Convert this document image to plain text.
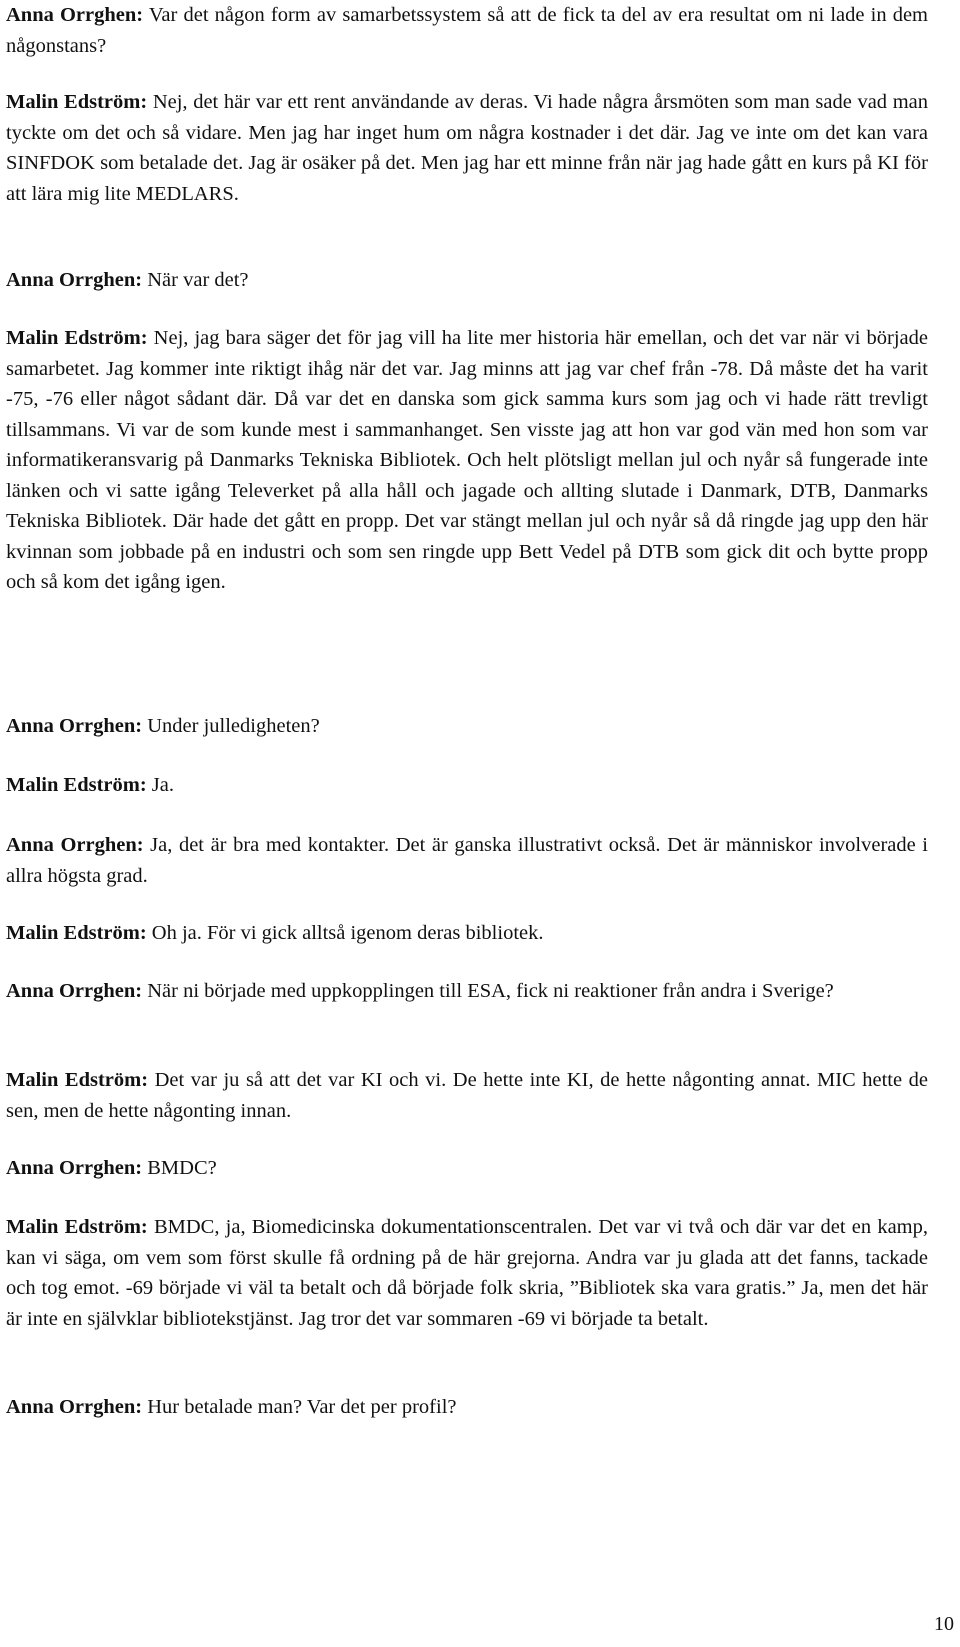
Anna Orrghen: Var det någon form av samarbetssystem så att de fick ta del av era resultat om ni lade in dem någonstans?

Malin Edström: Nej, det här var ett rent användande av deras. Vi hade några årsmöten som man sade vad man tyckte om det och så vidare. Men jag har inget hum om några kostnader i det där. Jag ve inte om det kan vara SINFDOK som betalade det. Jag är osäker på det. Men jag har ett minne från när jag hade gått en kurs på KI för att lära mig lite MEDLARS.

Anna Orrghen: När var det?

Malin Edström: Nej, jag bara säger det för jag vill ha lite mer historia här emellan, och det var när vi började samarbetet. Jag kommer inte riktigt ihåg när det var. Jag minns att jag var chef från -78. Då måste det ha varit -75, -76 eller något sådant där. Då var det en danska som gick samma kurs som jag och vi hade rätt trevligt tillsammans. Vi var de som kunde mest i sammanhanget. Sen visste jag att hon var god vän med hon som var informatikeransvarig på Danmarks Tekniska Bibliotek. Och helt plötsligt mellan jul och nyår så fungerade inte länken och vi satte igång Televerket på alla håll och jagade och allting slutade i Danmark, DTB, Danmarks Tekniska Bibliotek. Där hade det gått en propp. Det var stängt mellan jul och nyår så då ringde jag upp den här kvinnan som jobbade på en industri och som sen ringde upp Bett Vedel på DTB som gick dit och bytte propp och så kom det igång igen.

Anna Orrghen: Under julledigheten?

Malin Edström: Ja.

Anna Orrghen: Ja, det är bra med kontakter. Det är ganska illustrativt också. Det är människor involverade i allra högsta grad.

Malin Edström: Oh ja. För vi gick alltså igenom deras bibliotek.

Anna Orrghen: När ni började med uppkopplingen till ESA, fick ni reaktioner från andra i Sverige?

Malin Edström: Det var ju så att det var KI och vi. De hette inte KI, de hette någonting annat. MIC hette de sen, men de hette någonting innan.

Anna Orrghen: BMDC?

Malin Edström: BMDC, ja, Biomedicinska dokumentationscentralen. Det var vi två och där var det en kamp, kan vi säga, om vem som först skulle få ordning på de här grejorna. Andra var ju glada att det fanns, tackade och tog emot. -69 började vi väl ta betalt och då började folk skria, ”Bibliotek ska vara gratis.” Ja, men det här är inte en självklar bibliotekstjänst. Jag tror det var sommaren -69 vi började ta betalt.

Anna Orrghen: Hur betalade man? Var det per profil?

10
